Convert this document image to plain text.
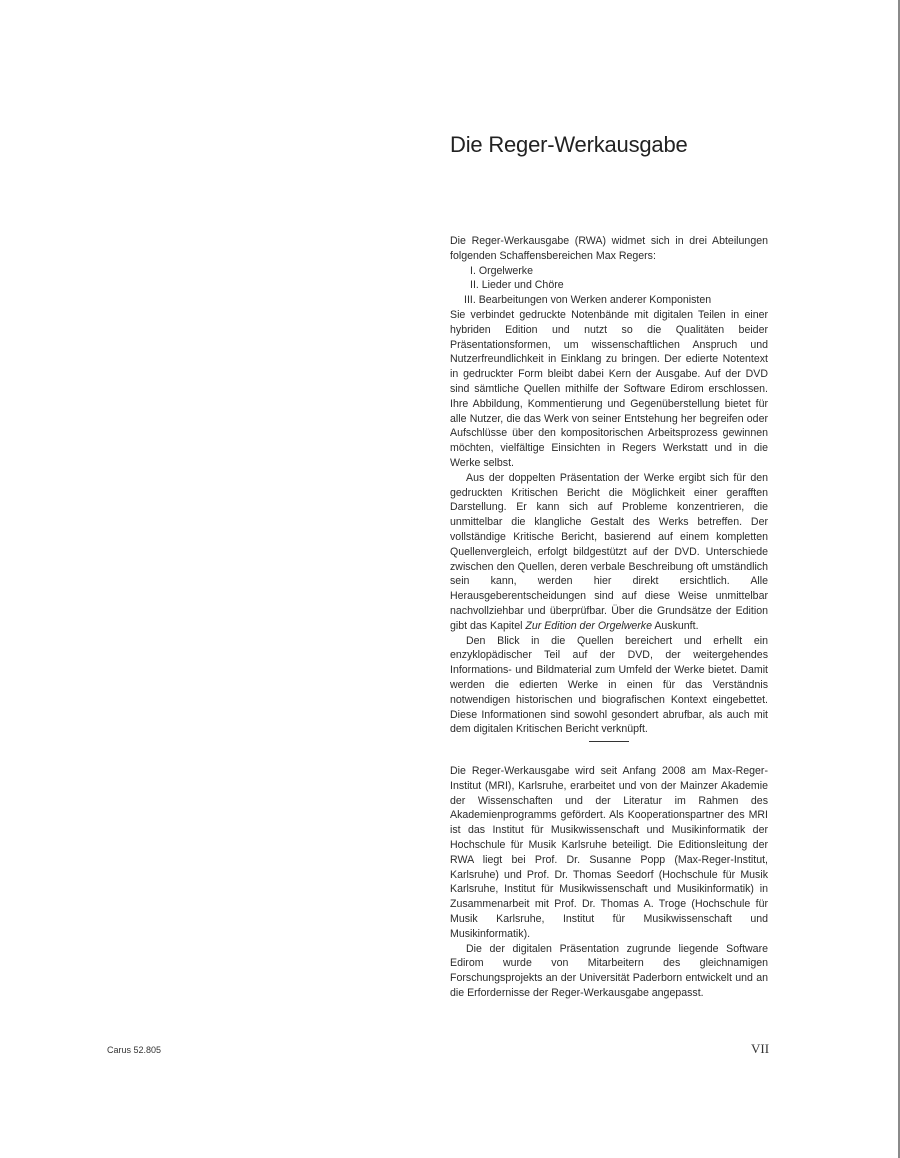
Die Reger-Werkausgabe

Die Reger-Werkausgabe (RWA) widmet sich in drei Abteilungen folgenden Schaffensbereichen Max Regers:

I. Orgelwerke
II. Lieder und Chöre
III. Bearbeitungen von Werken anderer Komponisten

Sie verbindet gedruckte Notenbände mit digitalen Teilen in einer hybriden Edition und nutzt so die Qualitäten beider Präsentationsformen, um wissenschaftlichen Anspruch und Nutzerfreundlichkeit in Einklang zu bringen. Der edierte Notentext in gedruckter Form bleibt dabei Kern der Ausgabe. Auf der DVD sind sämtliche Quellen mithilfe der Software Edirom erschlossen. Ihre Abbildung, Kommentierung und Gegenüberstellung bietet für alle Nutzer, die das Werk von seiner Entstehung her begreifen oder Aufschlüsse über den kompositorischen Arbeitsprozess gewinnen möchten, vielfältige Einsichten in Regers Werkstatt und in die Werke selbst.

Aus der doppelten Präsentation der Werke ergibt sich für den gedruckten Kritischen Bericht die Möglichkeit einer gerafften Darstellung. Er kann sich auf Probleme konzentrieren, die unmittelbar die klangliche Gestalt des Werks betreffen. Der vollständige Kritische Bericht, basierend auf einem kompletten Quellenvergleich, erfolgt bildgestützt auf der DVD. Unterschiede zwischen den Quellen, deren verbale Beschreibung oft umständlich sein kann, werden hier direkt ersichtlich. Alle Herausgeberentscheidungen sind auf diese Weise unmittelbar nachvollziehbar und überprüfbar. Über die Grundsätze der Edition gibt das Kapitel Zur Edition der Orgelwerke Auskunft.

Den Blick in die Quellen bereichert und erhellt ein enzyklopädischer Teil auf der DVD, der weitergehendes Informations- und Bildmaterial zum Umfeld der Werke bietet. Damit werden die edierten Werke in einen für das Verständnis notwendigen historischen und biografischen Kontext eingebettet. Diese Informationen sind sowohl gesondert abrufbar, als auch mit dem digitalen Kritischen Bericht verknüpft.

Die Reger-Werkausgabe wird seit Anfang 2008 am Max-Reger-Institut (MRI), Karlsruhe, erarbeitet und von der Mainzer Akademie der Wissenschaften und der Literatur im Rahmen des Akademienprogramms gefördert. Als Kooperationspartner des MRI ist das Institut für Musikwissenschaft und Musikinformatik der Hochschule für Musik Karlsruhe beteiligt. Die Editionsleitung der RWA liegt bei Prof. Dr. Susanne Popp (Max-Reger-Institut, Karlsruhe) und Prof. Dr. Thomas Seedorf (Hochschule für Musik Karlsruhe, Institut für Musikwissenschaft und Musikinformatik) in Zusammenarbeit mit Prof. Dr. Thomas A. Troge (Hochschule für Musik Karlsruhe, Institut für Musikwissenschaft und Musikinformatik).

Die der digitalen Präsentation zugrunde liegende Software Edirom wurde von Mitarbeitern des gleichnamigen Forschungsprojekts an der Universität Paderborn entwickelt und an die Erfordernisse der Reger-Werkausgabe angepasst.

Carus 52.805	VII
